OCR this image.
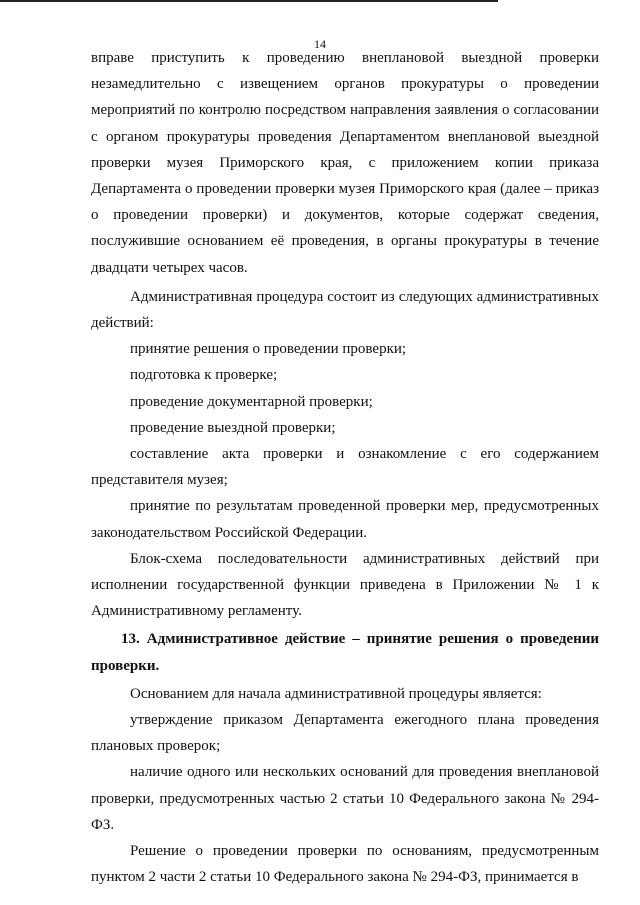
14

вправе приступить к проведению внеплановой выездной проверки незамедлительно с извещением органов прокуратуры о проведении мероприятий по контролю посредством направления заявления о согласовании с органом прокуратуры проведения Департаментом внеплановой выездной проверки музея Приморского края, с приложением копии приказа Департамента о проведении проверки музея Приморского края (далее – приказ о проведении проверки) и документов, которые содержат сведения, послужившие основанием её проведения, в органы прокуратуры в течение двадцати четырех часов.

Административная процедура состоит из следующих административных действий:

принятие решения о проведении проверки;

подготовка к проверке;

проведение документарной проверки;

проведение выездной проверки;

составление акта проверки и ознакомление с его содержанием представителя музея;

принятие по результатам проведенной проверки мер, предусмотренных законодательством Российской Федерации.

Блок-схема последовательности административных действий при исполнении государственной функции приведена в Приложении № 1 к Административному регламенту.

13. Административное действие – принятие решения о проведении проверки.

Основанием для начала административной процедуры является:

утверждение приказом Департамента ежегодного плана проведения плановых проверок;

наличие одного или нескольких оснований для проведения внеплановой проверки, предусмотренных частью 2 статьи 10 Федерального закона № 294-ФЗ.

Решение о проведении проверки по основаниям, предусмотренным пунктом 2 части 2 статьи 10 Федерального закона № 294-ФЗ, принимается в
